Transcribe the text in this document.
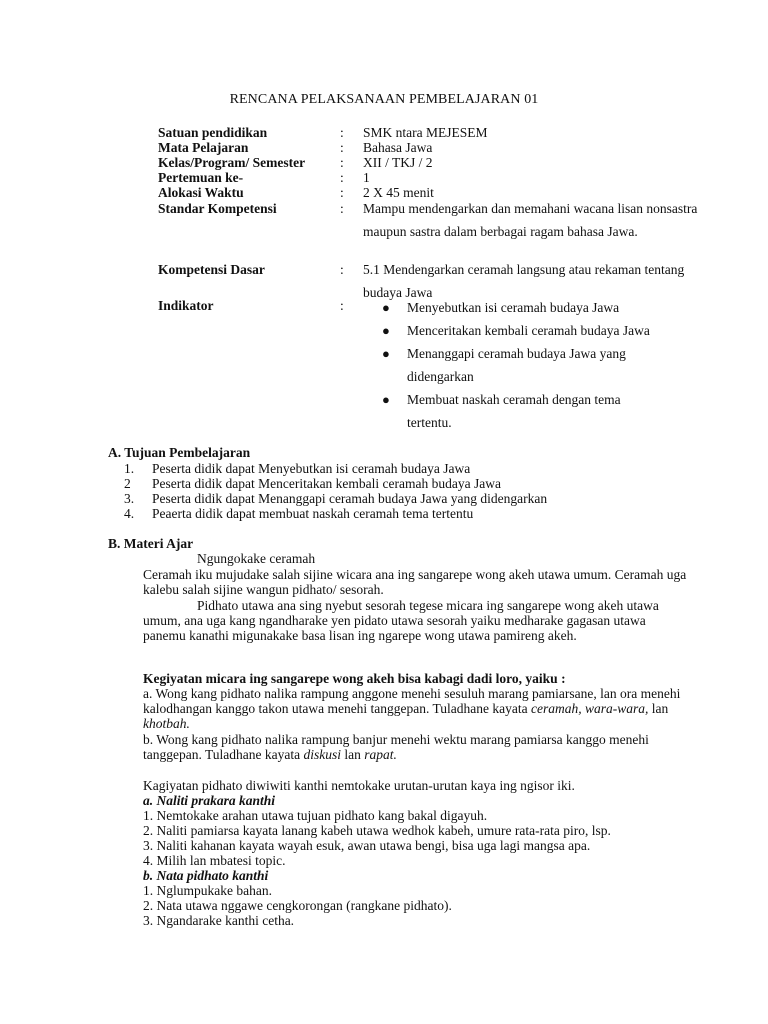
RENCANA PELAKSANAAN PEMBELAJARAN 01
Satuan pendidikan	: SMK ntara MEJESEM
Mata Pelajaran	: Bahasa Jawa
Kelas/Program/ Semester	: XII / TKJ / 2
Pertemuan ke-	: 1
Alokasi Waktu	: 2 X 45 menit
Standar Kompetensi	: Mampu mendengarkan dan memahani wacana lisan nonsastra maupun sastra dalam berbagai ragam bahasa Jawa.
Kompetensi Dasar	: 5.1 Mendengarkan ceramah langsung atau rekaman tentang budaya Jawa
Indikator	:	● Menyebutkan isi ceramah budaya Jawa
● Menceritakan kembali ceramah budaya Jawa
● Menanggapi ceramah budaya Jawa yang didengarkan
● Membuat naskah ceramah dengan tema tertentu.
A. Tujuan Pembelajaran
1. Peserta didik dapat Menyebutkan isi ceramah budaya Jawa
2 Peserta didik dapat Menceritakan kembali ceramah budaya Jawa
3. Peserta didik dapat Menanggapi ceramah budaya Jawa yang didengarkan
4. Peaerta didik dapat membuat naskah ceramah tema tertentu
B. Materi Ajar
Ngungokake ceramah

Ceramah iku mujudake salah sijine wicara ana ing sangarepe wong akeh utawa umum. Ceramah uga kalebu salah sijine wangun pidhato/ sesorah.

Pidhato utawa ana sing nyebut sesorah tegese micara ing sangarepe wong akeh utawa umum, ana uga kang ngandharake yen pidato utawa sesorah yaiku medharake gagasan utawa panemu kanathi migunakake basa lisan ing ngarepe wong utawa pamireng akeh.

Kegiyatan micara ing sangarepe wong akeh bisa kabagi dadi loro, yaiku :

a. Wong kang pidhato nalika rampung anggone menehi sesuluh marang pamiarsane, lan ora menehi kalodhangan kanggo takon utawa menehi tanggepan. Tuladhane kayata ceramah, wara-wara, lan khotbah.

b. Wong kang pidhato nalika rampung banjur menehi wektu marang pamiarsa kanggo menehi tanggepan. Tuladhane kayata diskusi lan rapat.

Kagiyatan pidhato diwiwiti kanthi nemtokake urutan-urutan kaya ing ngisor iki.

a. Naliti prakara kanthi

1. Nemtokake arahan utawa tujuan pidhato kang bakal digayuh.

2. Naliti pamiarsa kayata lanang kabeh utawa wedhok kabeh, umure rata-rata piro, lsp.

3. Naliti kahanan kayata wayah esuk, awan utawa bengi, bisa uga lagi mangsa apa.

4. Milih lan mbatesi topic.

b. Nata pidhato kanthi

1. Nglumpukake bahan.

2. Nata utawa nggawe cengkorongan (rangkane pidhato).

3. Ngandarake kanthi cetha.
